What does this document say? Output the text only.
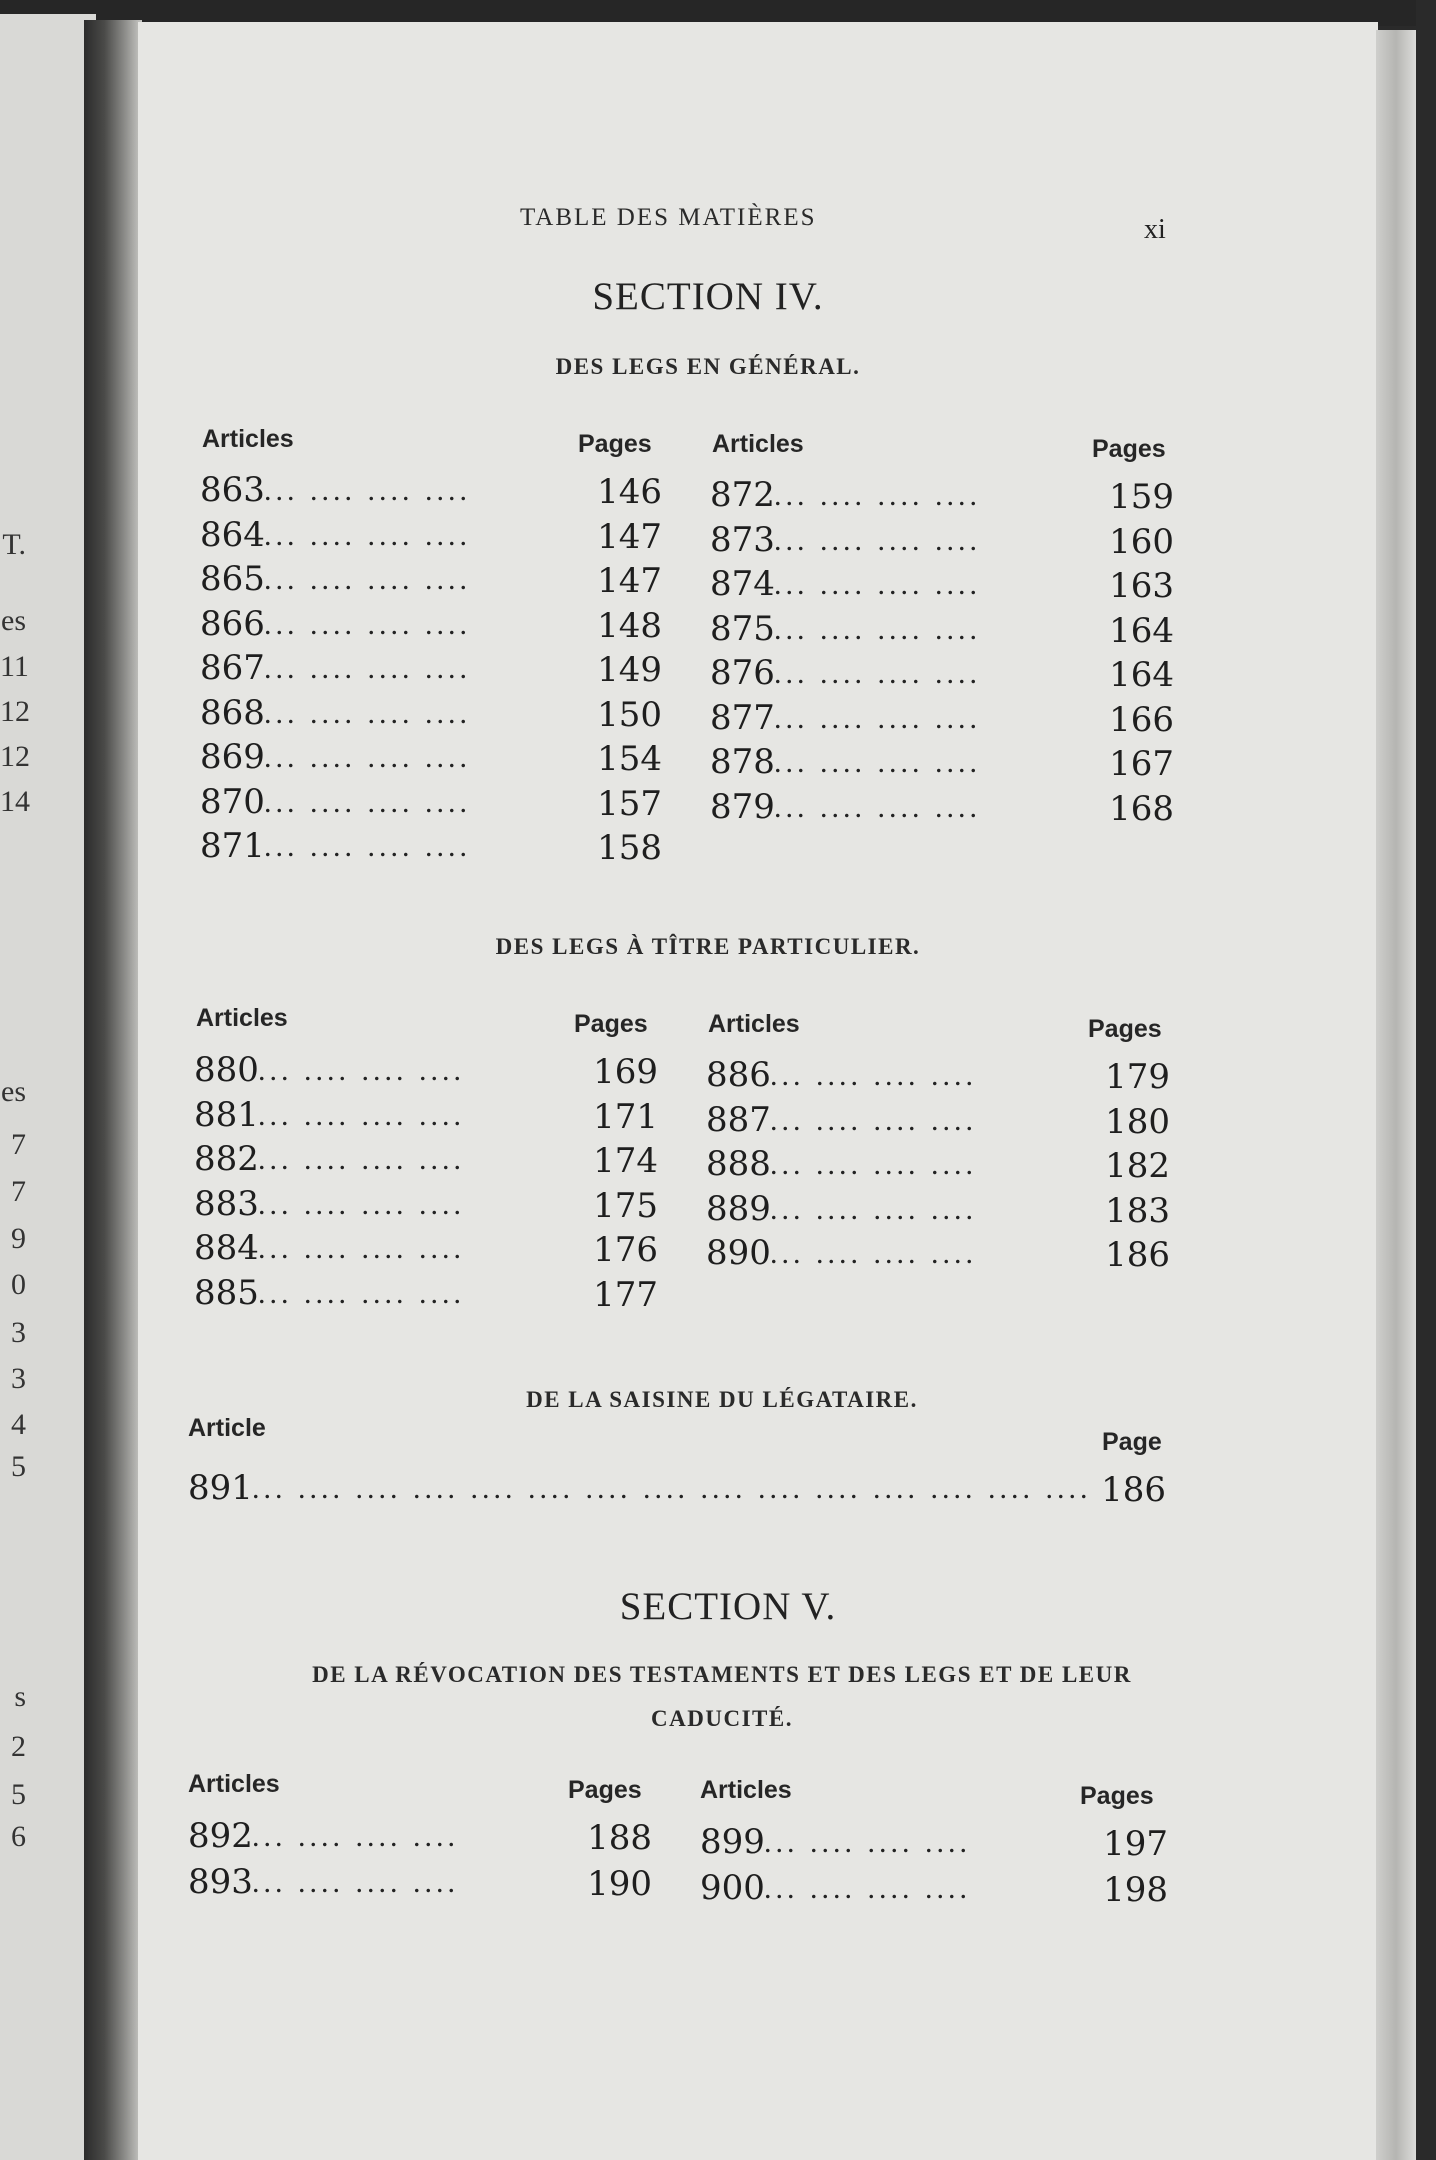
T.
es
11
12
12
14
es
7
7
9
0
3
3
4
5
s
2
5
6
TABLE DES MATIÈRES	xi
SECTION IV.
DES LEGS EN GÉNÉRAL.
Articles	Pages Articles	Pages
863 ... .... .... ....	146
864 ... .... .... ....	147
865 ... .... .... ....	147
866 ... .... .... ....	148
867 ... .... .... ....	149
868 ... .... .... ....	150
869 ... .... .... ....	154
870 ... .... .... ....	157
871 ... .... .... ....	158
872 ... .... .... ....	159
873 ... .... .... ....	160
874 ... .... .... ....	163
875 ... .... .... ....	164
876 ... .... .... ....	164
877 ... .... .... ....	166
878 ... .... .... ....	167
879 ... .... .... ....	168
DES LEGS À TÎTRE PARTICULIER.
Articles	Pages Articles	Pages
880 ... .... .... ....	169
881 ... .... .... ....	171
882 ... .... .... ....	174
883 ... .... .... ....	175
884 ... .... .... ....	176
885 ... .... .... ....	177
886 ... .... .... ....	179
887 ... .... .... ....	180
888 ... .... .... ....	182
889 ... .... .... ....	183
890 ... .... .... ....	186
DE LA SAISINE DU LÉGATAIRE.
Article	Page
891 ... .... .... .... .... .... .... .... .... .... .... .... .... .... .... 186
SECTION V.
DE LA RÉVOCATION DES TESTAMENTS ET DES LEGS ET DE LEUR
CADUCITÉ.
Articles	Pages Articles	Pages
892 ... .... .... ....	188
893 ... .... .... ....	190
899 ... .... .... ....	197
900 ... .... .... ....	198
